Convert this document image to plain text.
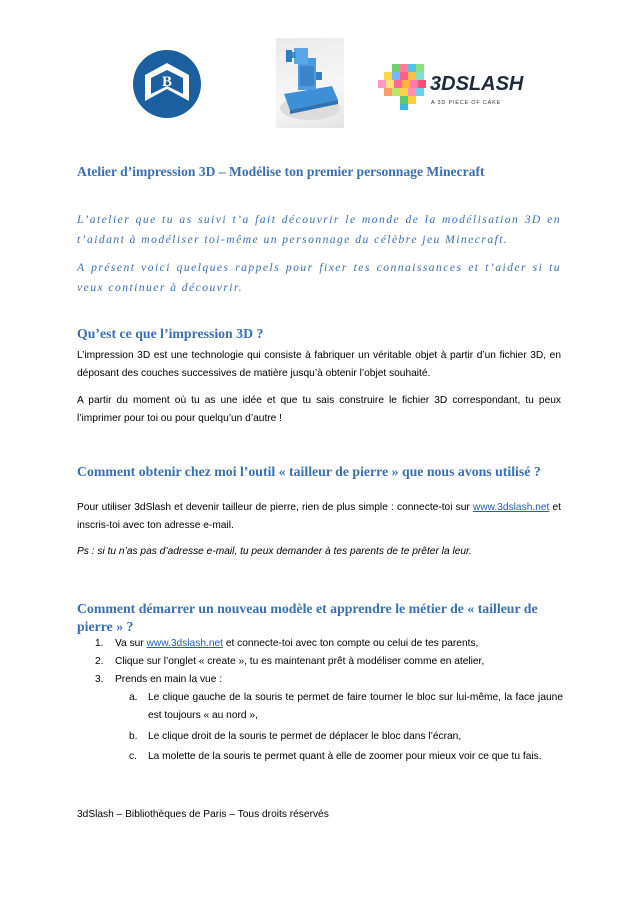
B	3DSLASH
A 3D PIECE OF CAKE
Atelier d’impression 3D – Modélise ton premier personnage Minecraft

L’atelier que tu as suivi t’a fait découvrir le monde de la modélisation 3D en t’aidant à modéliser toi-même un personnage du célèbre jeu Minecraft.

A présent voici quelques rappels pour fixer tes connaissances et t’aider si tu veux continuer à découvrir.

Qu’est ce que l’impression 3D ?

L’impression 3D est une technologie qui consiste à fabriquer un véritable objet à partir d’un fichier 3D, en déposant des couches successives de matière jusqu’à obtenir l’objet souhaité.

A partir du moment où tu as une idée et que tu sais construire le fichier 3D correspondant, tu peux l’imprimer pour toi ou pour quelqu’un d’autre !

Comment obtenir chez moi l’outil « tailleur de pierre » que nous avons utilisé ?

Pour utiliser 3dSlash et devenir tailleur de pierre, rien de plus simple : connecte-toi sur www.3dslash.net et inscris-toi avec ton adresse e-mail.

Ps : si tu n’as pas d’adresse e-mail, tu peux demander à tes parents de te prêter la leur.

Comment démarrer un nouveau modèle et apprendre le métier de « tailleur de pierre » ?
1. Va sur www.3dslash.net et connecte-toi avec ton compte ou celui de tes parents,
2. Clique sur l’onglet « create », tu es maintenant prêt à modéliser comme en atelier,
3. Prends en main la vue :
a. Le clique gauche de la souris te permet de faire tourner le bloc sur lui-même, la face jaune est toujours « au nord »,
b. Le clique droit de la souris te permet de déplacer le bloc dans l’écran,
c. La molette de la souris te permet quant à elle de zoomer pour mieux voir ce que tu fais.

3dSlash – Bibliothèques de Paris – Tous droits réservés
